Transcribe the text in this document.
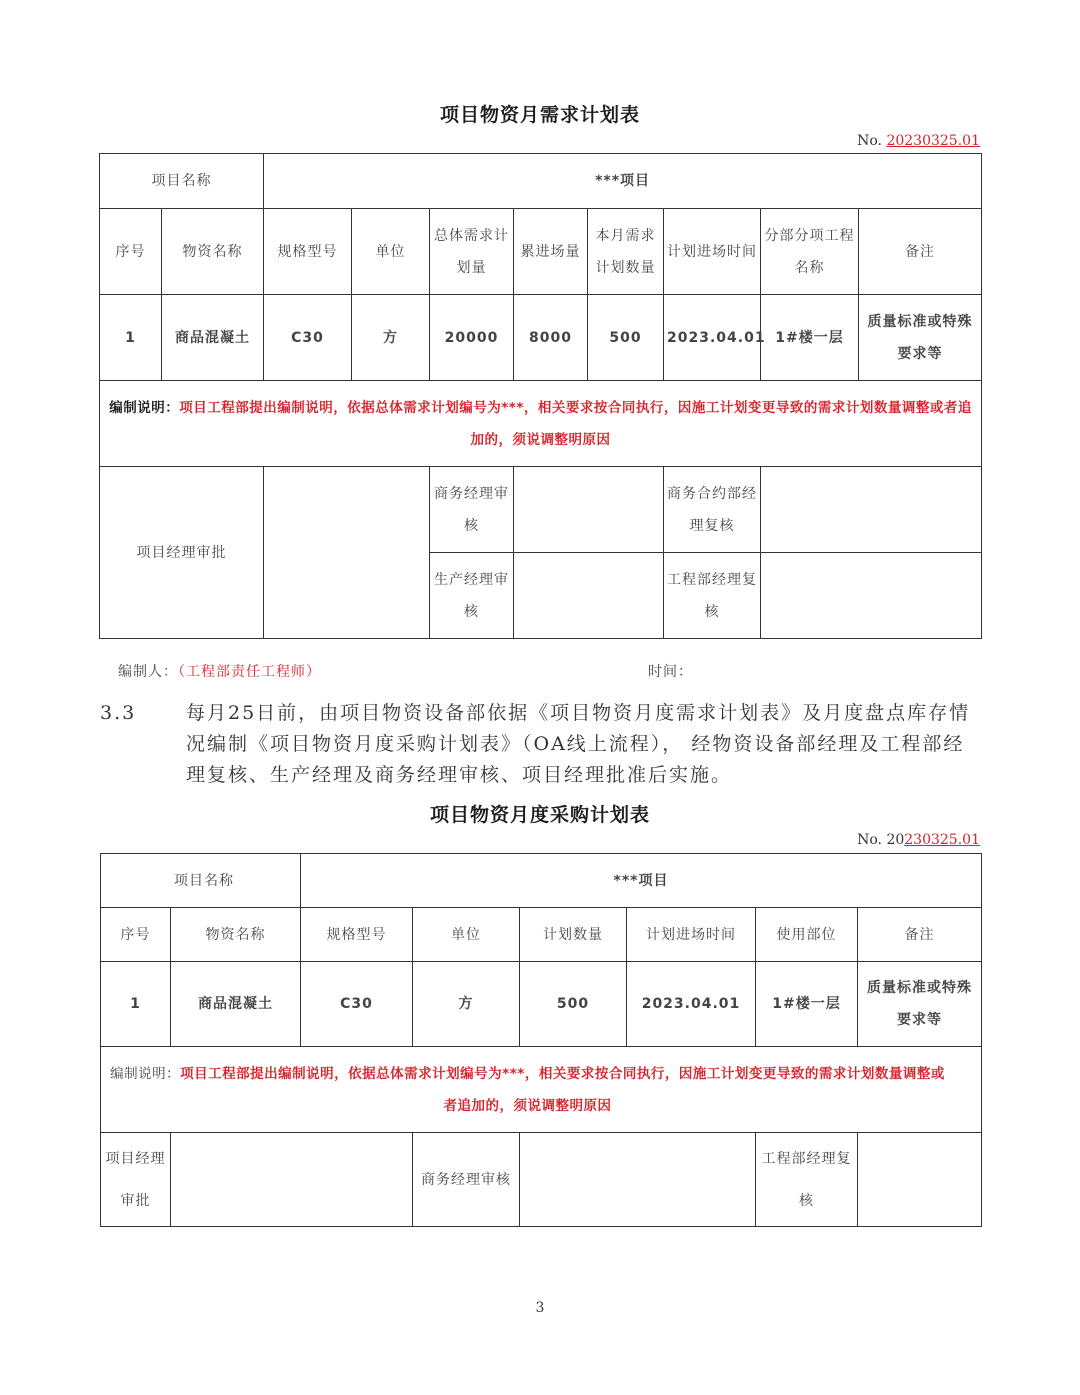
项目物资月需求计划表
No. 20230325.01
项目名称		***项目							
序号	物资名称	规格型号	单位	总体需求计划量	累进场量	本月需求计划数量	计划进场时间	分部分项工程名称	备注
1	商品混凝土	C30	方	20000	8000	500	2023.04.01	1#楼一层	质量标准或特殊要求等
编制说明：项目工程部提出编制说明，依据总体需求计划编号为***，相关要求按合同执行，因施工计划变更导致的需求计划数量调整或者追加的，须说调整明原因									
项目经理审批				商务经理审核			商务合约部经理复核		
				生产经理审核			工程部经理复核		
编制人：（工程部责任工程师）	时间：
3.3	每月25日前，由项目物资设备部依据《项目物资月度需求计划表》及月度盘点库存情况编制《项目物资月度采购计划表》（OA线上流程）， 经物资设备部经理及工程部经理复核、生产经理及商务经理审核、项目经理批准后实施。
项目物资月度采购计划表
No. 20230325.01
项目名称		***项目					
序号	物资名称	规格型号	单位	计划数量	计划进场时间	使用部位	备注
1	商品混凝土	C30	方	500	2023.04.01	1#楼一层	质量标准或特殊要求等
编制说明：项目工程部提出编制说明，依据总体需求计划编号为***，相关要求按合同执行，因施工计划变更导致的需求计划数量调整或者追加的，须说调整明原因							
项目经理审批			商务经理审核			工程部经理复核	
3
